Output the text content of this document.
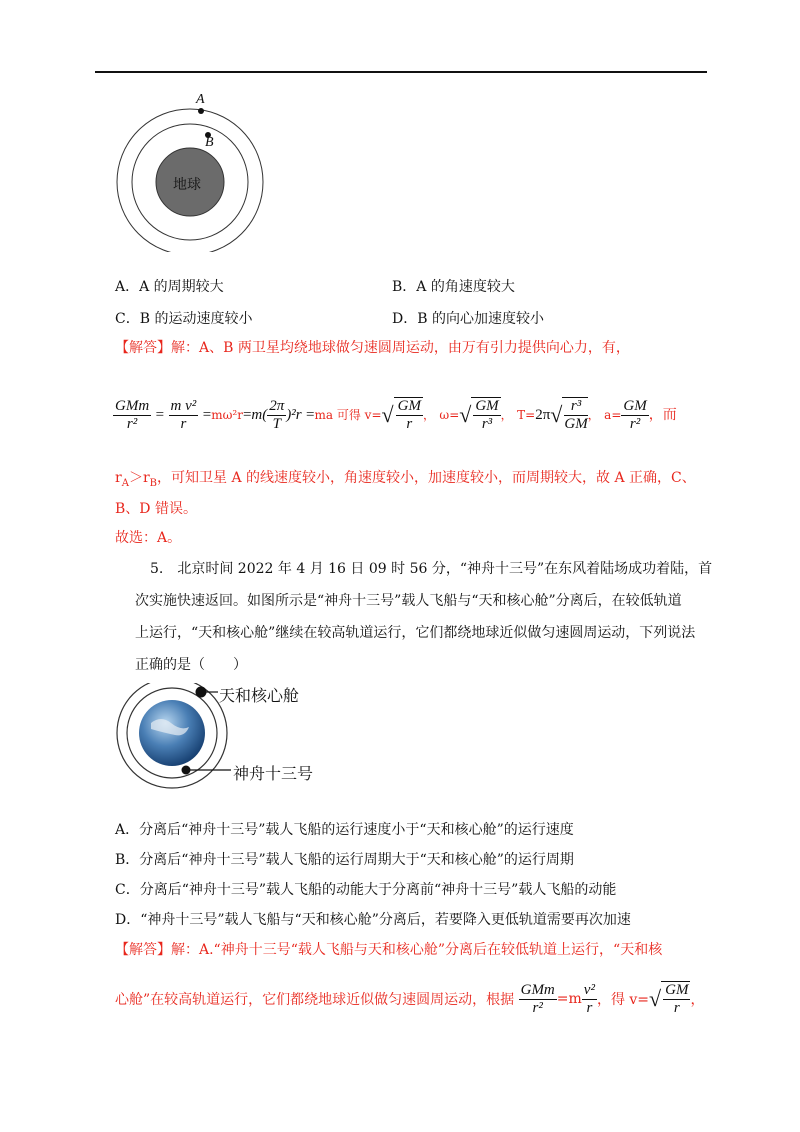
A
B
地球
A．A 的周期较大	B．A 的角速度较大
C．B 的运动速度较小	D．B 的向心加速度较小
【解答】解：A、B 两卫星均绕地球做匀速圆周运动，由万有引力提供向心力，有，
$\frac{\text{GMm}}{\text{r²}} = \frac{\text{m v²}}{r} =m\omega^2r=m( \frac{2\pi}{T} )^2r =ma$ 可得 $v=√ \frac{GM}{r}$ ， $\omega=√ \frac{GM}{\text{r³}}$ ， $T=2\pi√ \frac{\text{r³}}{GM}$ ， $a= \frac{GM}{\text{r²}}$ ，而
$r_A>r_B$，可知卫星 A 的线速度较小，角速度较小，加速度较小，而周期较大，故 A 正确，C、
B、D 错误。
故选：A。
5.　北京时间 2022 年 4 月 16 日 09 时 56 分，“神舟十三号”在东风着陆场成功着陆，首
次实施快速返回。如图所示是“神舟十三号”载人飞船与“天和核心舱”分离后，在较低轨道
上运行，“天和核心舱”继续在较高轨道运行，它们都绕地球近似做匀速圆周运动，下列说法
正确的是（　　）
天和核心舱
神舟十三号
A．分离后“神舟十三号”载人飞船的运行速度小于“天和核心舱”的运行速度
B．分离后“神舟十三号”载人飞船的运行周期大于“天和核心舱”的运行周期
C．分离后“神舟十三号”载人飞船的动能大于分离前“神舟十三号”载人飞船的动能
D．“神舟十三号”载人飞船与“天和核心舱”分离后，若要降入更低轨道需要再次加速
【解答】解：A.“神舟十三号“载人飞船与天和核心舱”分离后在较低轨道上运行，“天和核
心舱”在较高轨道运行，它们都绕地球近似做匀速圆周运动，根据 $\frac{\text{GMm}}{\text{r²}} =m \frac{\text{v²}}{r}$ ，得 $v=√ \frac{GM}{r}$ ，
